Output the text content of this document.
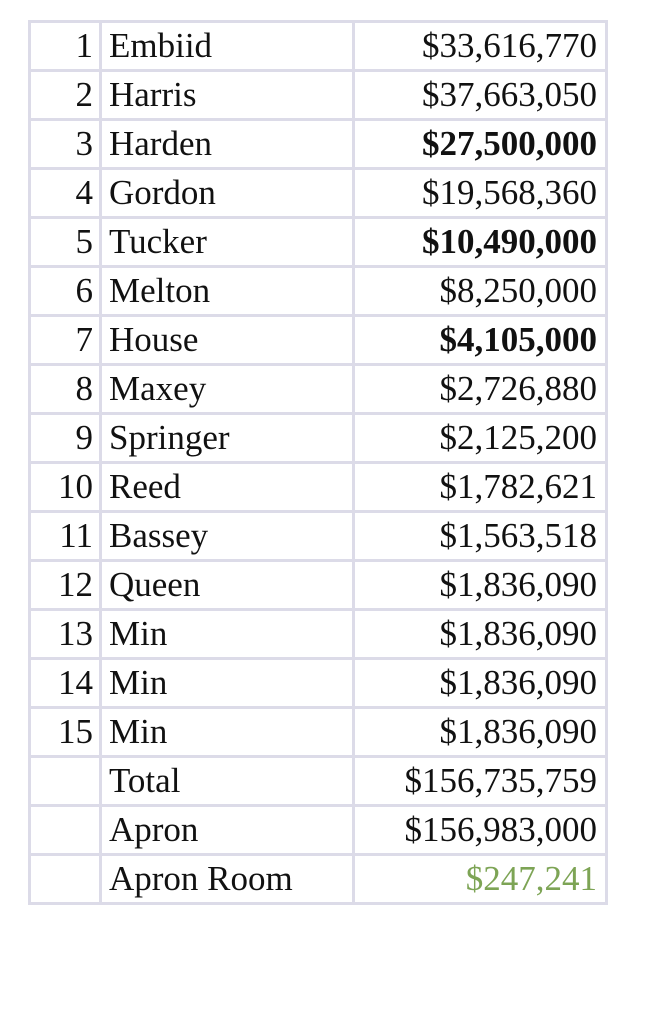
1	Embiid	$33,616,770
2	Harris	$37,663,050
3	Harden	$27,500,000
4	Gordon	$19,568,360
5	Tucker	$10,490,000
6	Melton	$8,250,000
7	House	$4,105,000
8	Maxey	$2,726,880
9	Springer	$2,125,200
10	Reed	$1,782,621
11	Bassey	$1,563,518
12	Queen	$1,836,090
13	Min	$1,836,090
14	Min	$1,836,090
15	Min	$1,836,090
	Total	$156,735,759
	Apron	$156,983,000
	Apron Room	$247,241
